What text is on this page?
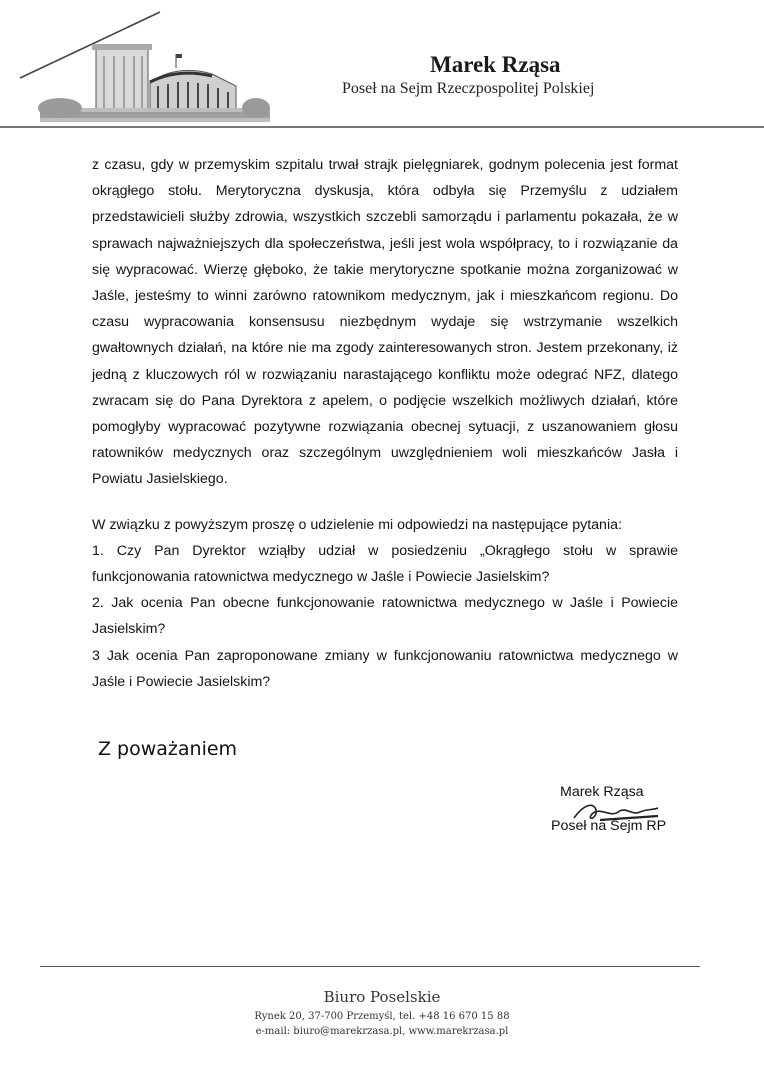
Marek Rząsa
Poseł na Sejm Rzeczpospolitej Polskiej

z czasu, gdy w przemyskim szpitalu trwał strajk pielęgniarek, godnym polecenia jest format okrągłego stołu. Merytoryczna dyskusja, która odbyła się Przemyślu z udziałem przedstawicieli służby zdrowia, wszystkich szczebli samorządu i parlamentu pokazała, że w sprawach najważniejszych dla społeczeństwa, jeśli jest wola współpracy, to i rozwiązanie da się wypracować. Wierzę głęboko, że takie merytoryczne spotkanie można zorganizować w Jaśle, jesteśmy to winni zarówno ratownikom medycznym, jak i mieszkańcom regionu. Do czasu wypracowania konsensusu niezbędnym wydaje się wstrzymanie wszelkich gwałtownych działań, na które nie ma zgody zainteresowanych stron. Jestem przekonany, iż jedną z kluczowych ról w rozwiązaniu narastającego konfliktu może odegrać NFZ, dlatego zwracam się do Pana Dyrektora z apelem, o podjęcie wszelkich możliwych działań, które pomogłyby wypracować pozytywne rozwiązania obecnej sytuacji, z uszanowaniem głosu ratowników medycznych oraz szczególnym uwzględnieniem woli mieszkańców Jasła i Powiatu Jasielskiego.

W związku z powyższym proszę o udzielenie mi odpowiedzi na następujące pytania:

1. Czy Pan Dyrektor wziąłby udział w posiedzeniu „Okrągłego stołu w sprawie funkcjonowania ratownictwa medycznego w Jaśle i Powiecie Jasielskim?

2. Jak ocenia Pan obecne funkcjonowanie ratownictwa medycznego w Jaśle i Powiecie Jasielskim?

3 Jak ocenia Pan zaproponowane zmiany w funkcjonowaniu ratownictwa medycznego w Jaśle i Powiecie Jasielskim?

Z poważaniem
Marek Rząsa
Poseł na Sejm RP
Biuro Poselskie
Rynek 20, 37-700 Przemyśl, tel. +48 16 670 15 88
e-mail: biuro@marekrzasa.pl, www.marekrzasa.pl
